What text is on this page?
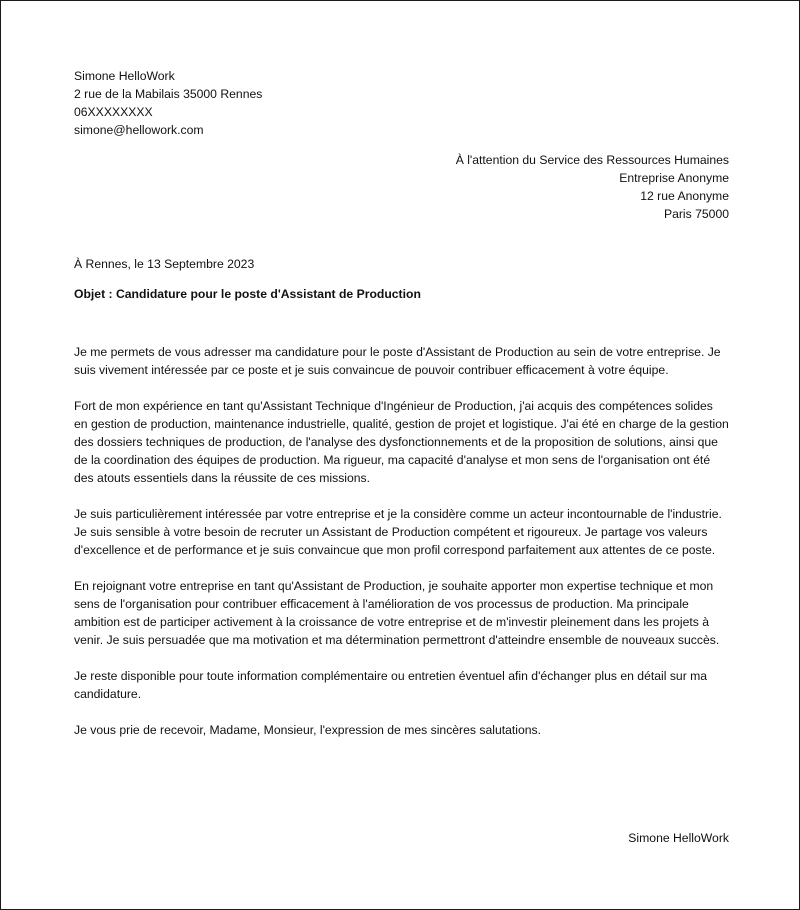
Simone HelloWork
2 rue de la Mabilais 35000 Rennes
06XXXXXXXX
simone@hellowork.com
À l'attention du Service des Ressources Humaines
Entreprise Anonyme
12 rue Anonyme
Paris 75000
À Rennes, le 13 Septembre 2023
Objet : Candidature pour le poste d'Assistant de Production

Je me permets de vous adresser ma candidature pour le poste d'Assistant de Production au sein de votre entreprise. Je suis vivement intéressée par ce poste et je suis convaincue de pouvoir contribuer efficacement à votre équipe.

Fort de mon expérience en tant qu'Assistant Technique d'Ingénieur de Production, j'ai acquis des compétences solides en gestion de production, maintenance industrielle, qualité, gestion de projet et logistique. J'ai été en charge de la gestion des dossiers techniques de production, de l'analyse des dysfonctionnements et de la proposition de solutions, ainsi que de la coordination des équipes de production. Ma rigueur, ma capacité d'analyse et mon sens de l'organisation ont été des atouts essentiels dans la réussite de ces missions.

Je suis particulièrement intéressée par votre entreprise et je la considère comme un acteur incontournable de l'industrie. Je suis sensible à votre besoin de recruter un Assistant de Production compétent et rigoureux. Je partage vos valeurs d'excellence et de performance et je suis convaincue que mon profil correspond parfaitement aux attentes de ce poste.

En rejoignant votre entreprise en tant qu'Assistant de Production, je souhaite apporter mon expertise technique et mon sens de l'organisation pour contribuer efficacement à l'amélioration de vos processus de production. Ma principale ambition est de participer activement à la croissance de votre entreprise et de m'investir pleinement dans les projets à venir. Je suis persuadée que ma motivation et ma détermination permettront d'atteindre ensemble de nouveaux succès.

Je reste disponible pour toute information complémentaire ou entretien éventuel afin d'échanger plus en détail sur ma candidature.

Je vous prie de recevoir, Madame, Monsieur, l'expression de mes sincères salutations.

Simone HelloWork
